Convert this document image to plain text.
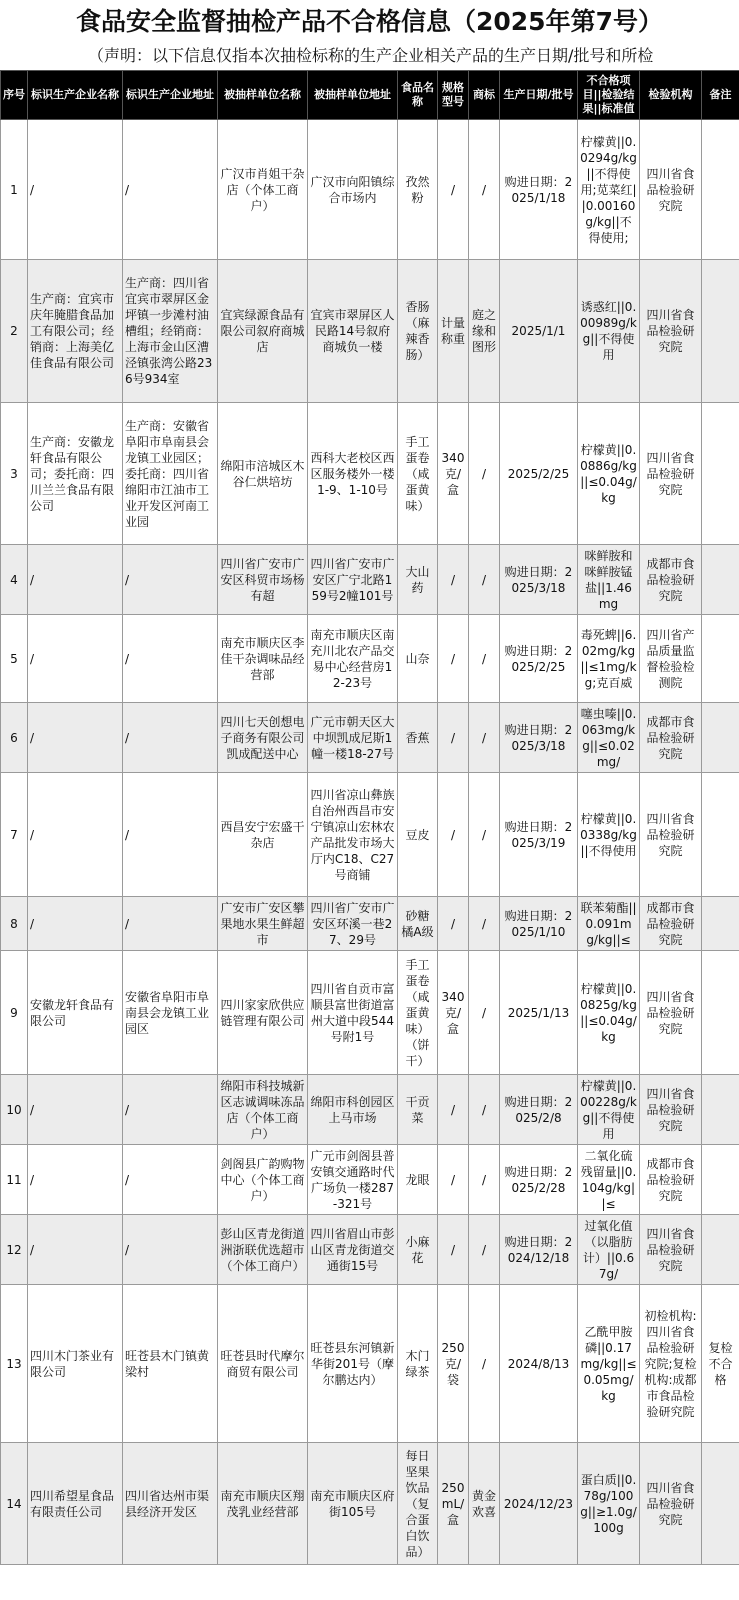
食品安全监督抽检产品不合格信息（2025年第7号）
（声明：以下信息仅指本次抽检标称的生产企业相关产品的生产日期/批号和所检
序号	标识生产企业名称	标识生产企业地址	被抽样单位名称	被抽样单位地址	食品名称	规格型号	商标	生产日期/批号	不合格项目||检验结果||标准值	检验机构	备注
1	/	/	广汉市肖姐干杂店（个体工商户）	广汉市向阳镇综合市场内	孜然粉	/	/	购进日期：2025/1/18	柠檬黄||0.0294g/kg||不得使用;苋菜红||0.00160g/kg||不得使用;	四川省食品检验研究院	
2	生产商：宜宾市庆年腌腊食品加工有限公司；经销商：上海美亿佳食品有限公司	生产商：四川省宜宾市翠屏区金坪镇一步滩村油槽组；经销商：上海市金山区漕泾镇张湾公路236号934室	宜宾绿源食品有限公司叙府商城店	宜宾市翠屏区人民路14号叙府商城负一楼	香肠（麻辣香肠）	计量称重	庭之缘和图形	2025/1/1	诱惑红||0.00989g/kg||不得使用	四川省食品检验研究院	
3	生产商：安徽龙轩食品有限公司；委托商：四川兰兰食品有限公司	生产商：安徽省阜阳市阜南县会龙镇工业园区；委托商：四川省绵阳市江油市工业开发区河南工业园	绵阳市涪城区木谷仁烘培坊	西科大老校区西区服务楼外一楼1-9、1-10号	手工蛋卷（咸蛋黄味）	340克/盒	/	2025/2/25	柠檬黄||0.0886g/kg||≤0.04g/kg	四川省食品检验研究院	
4	/	/	四川省广安市广安区科贸市场杨有超	四川省广安市广安区广宁北路159号2幢101号	大山药	/	/	购进日期：2025/3/18	咪鲜胺和咪鲜胺锰盐||1.46mg	成都市食品检验研究院	
5	/	/	南充市顺庆区李佳干杂调味品经营部	南充市顺庆区南充川北农产品交易中心经营房12-23号	山奈	/	/	购进日期：2025/2/25	毒死蜱||6.02mg/kg||≤1mg/kg;克百威	四川省产品质量监督检验检测院	
6	/	/	四川七天创想电子商务有限公司凯成配送中心	广元市朝天区大中坝凯成尼斯1幢一楼18-27号	香蕉	/	/	购进日期：2025/3/18	噻虫嗪||0.063mg/kg||≤0.02mg/	成都市食品检验研究院	
7	/	/	西昌安宁宏盛干杂店	四川省凉山彝族自治州西昌市安宁镇凉山宏林农产品批发市场大厅内C18、C27号商铺	豆皮	/	/	购进日期：2025/3/19	柠檬黄||0.0338g/kg||不得使用	四川省食品检验研究院	
8	/	/	广安市广安区攀果地水果生鲜超市	四川省广安市广安区环溪一巷27、29号	砂糖橘A级	/	/	购进日期：2025/1/10	联苯菊酯||0.091mg/kg||≤	成都市食品检验研究院	
9	安徽龙轩食品有限公司	安徽省阜阳市阜南县会龙镇工业园区	四川家家欣供应链管理有限公司	四川省自贡市富顺县富世街道富州大道中段544号附1号	手工蛋卷（咸蛋黄味）（饼干）	340克/盒	/	2025/1/13	柠檬黄||0.0825g/kg||≤0.04g/kg	四川省食品检验研究院	
10	/	/	绵阳市科技城新区志诚调味冻品店（个体工商户）	绵阳市科创园区上马市场	干贡菜	/	/	购进日期：2025/2/8	柠檬黄||0.00228g/kg||不得使用	四川省食品检验研究院	
11	/	/	剑阁县广韵购物中心（个体工商户）	广元市剑阁县普安镇交通路时代广场负一楼287-321号	龙眼	/	/	购进日期：2025/2/28	二氧化硫残留量||0.104g/kg||≤	成都市食品检验研究院	
12	/	/	彭山区青龙街道洲浙联优选超市（个体工商户）	四川省眉山市彭山区青龙街道交通街15号	小麻花	/	/	购进日期：2024/12/18	过氧化值（以脂肪计）||0.67g/	四川省食品检验研究院	
13	四川木门茶业有限公司	旺苍县木门镇黄梁村	旺苍县时代摩尔商贸有限公司	旺苍县东河镇新华街201号（摩尔鹏达内）	木门绿茶	250克/袋	/	2024/8/13	乙酰甲胺磷||0.17mg/kg||≤0.05mg/kg	初检机构:四川省食品检验研究院;复检机构:成都市食品检验研究院	复检不合格
14	四川希望星食品有限责任公司	四川省达州市渠县经济开发区	南充市顺庆区翔茂乳业经营部	南充市顺庆区府街105号	每日坚果饮品（复合蛋白饮品）	250mL/盒	黄金欢喜	2024/12/23	蛋白质||0.78g/100g||≥1.0g/100g	四川省食品检验研究院	
